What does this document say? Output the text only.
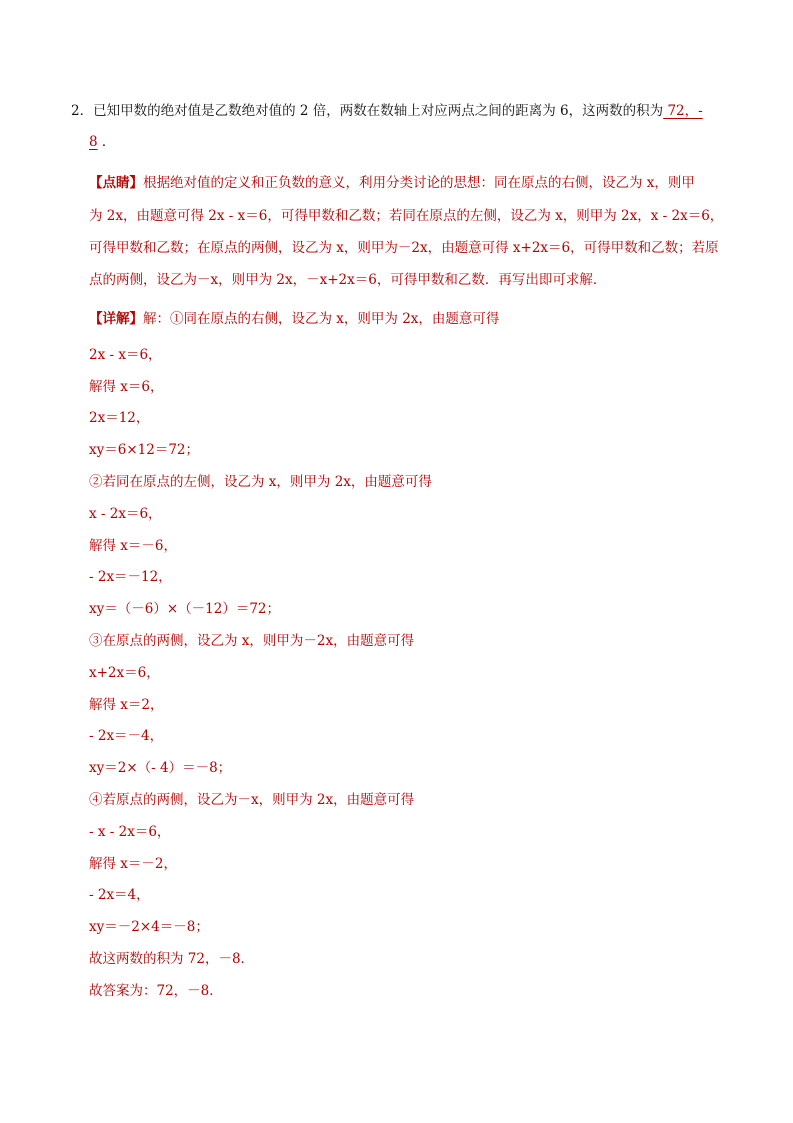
2．已知甲数的绝对值是乙数绝对值的 2 倍，两数在数轴上对应两点之间的距离为 6，这两数的积为 72，-
8 ．
【点睛】根据绝对值的定义和正负数的意义，利用分类讨论的思想：同在原点的右侧，设乙为 x，则甲
为 2x，由题意可得 2x - x＝6，可得甲数和乙数；若同在原点的左侧，设乙为 x，则甲为 2x，x - 2x＝6，
可得甲数和乙数；在原点的两侧，设乙为 x，则甲为－2x，由题意可得 x+2x＝6，可得甲数和乙数；若原
点的两侧，设乙为－x，则甲为 2x，－x+2x＝6，可得甲数和乙数．再写出即可求解．
【详解】解：①同在原点的右侧，设乙为 x，则甲为 2x，由题意可得
2x - x＝6，
解得 x＝6，
2x＝12，
xy＝6×12＝72；
②若同在原点的左侧，设乙为 x，则甲为 2x，由题意可得
x - 2x＝6，
解得 x＝－6，
- 2x＝－12，
xy＝（－6）×（－12）＝72；
③在原点的两侧，设乙为 x，则甲为－2x，由题意可得
x+2x＝6，
解得 x＝2，
- 2x＝－4，
xy＝2×（- 4）＝－8；
④若原点的两侧，设乙为－x，则甲为 2x，由题意可得
- x - 2x＝6，
解得 x＝－2，
- 2x＝4，
xy＝－2×4＝－8；
故这两数的积为 72，－8．
故答案为：72，－8．
